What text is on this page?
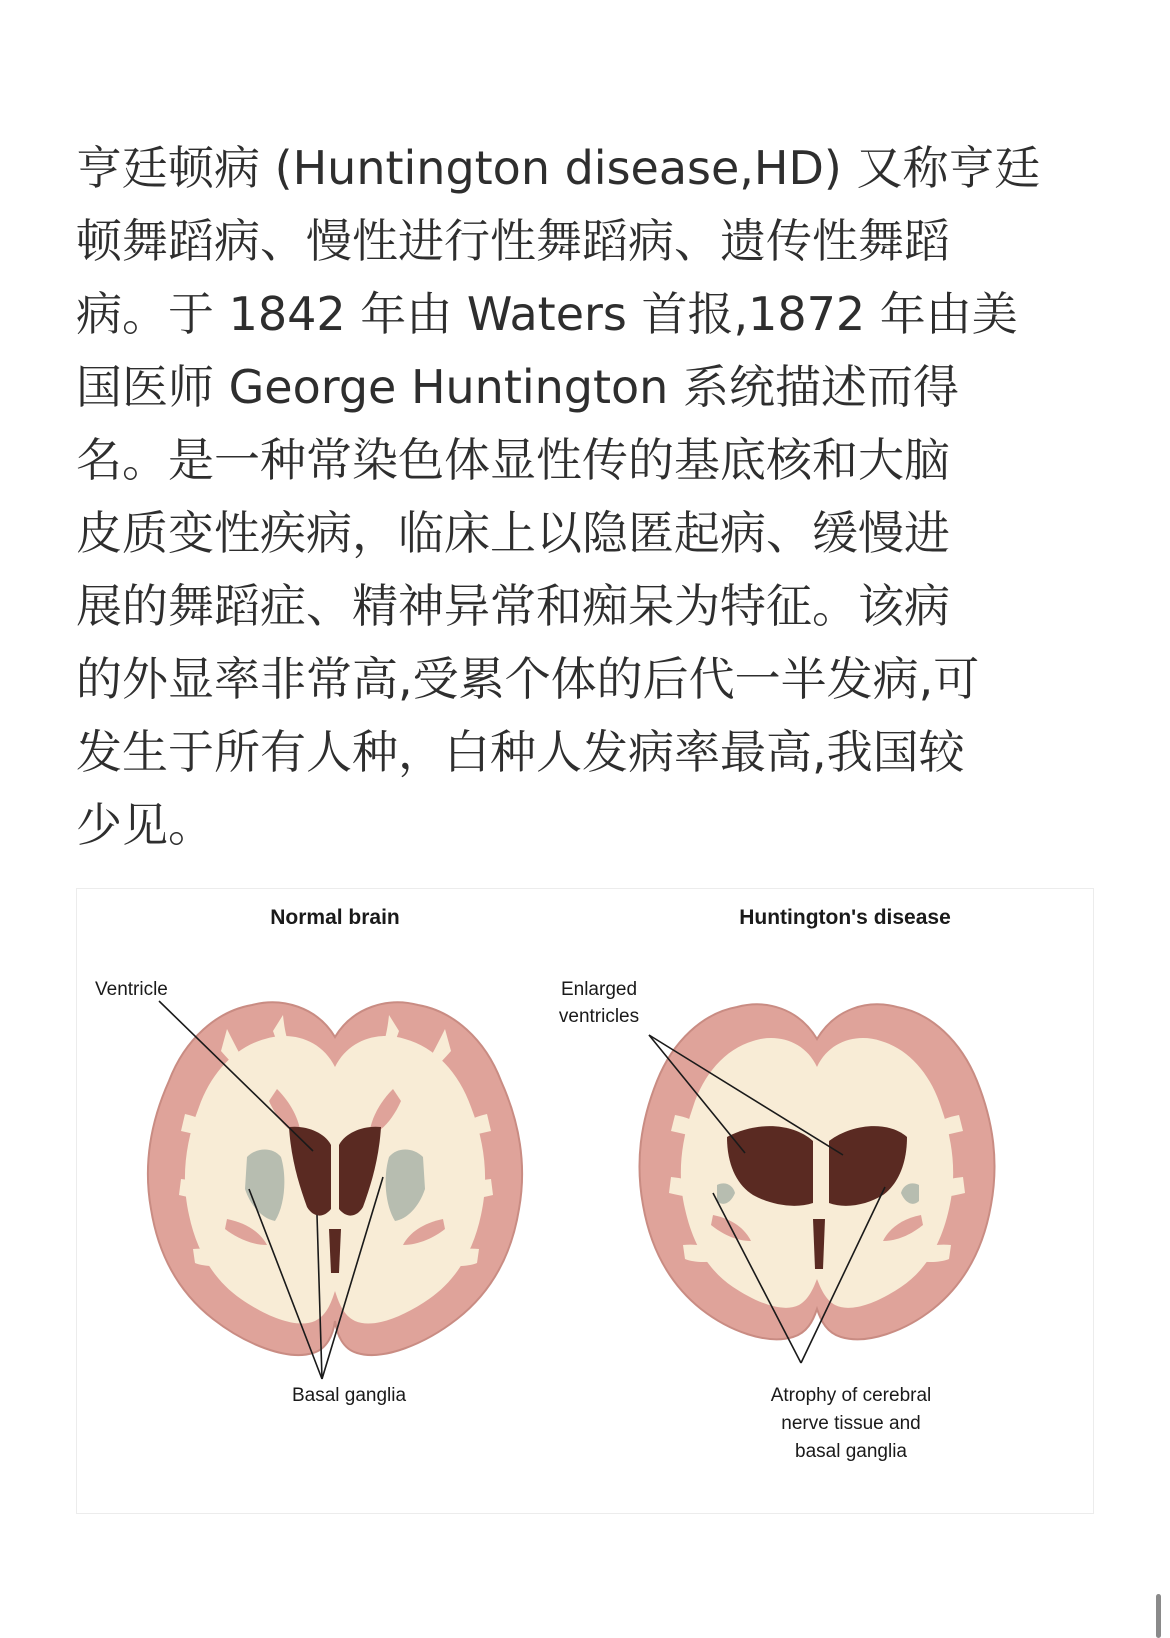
亨廷顿病 (Huntington disease,HD) 又称亨廷
顿舞蹈病、慢性进行性舞蹈病、遗传性舞蹈
病。于 1842 年由 Waters 首报,1872 年由美
国医师 George Huntington 系统描述而得
名。是一种常染色体显性传的基底核和大脑
皮质变性疾病，临床上以隐匿起病、缓慢进
展的舞蹈症、精神异常和痴呆为特征。该病
的外显率非常高,受累个体的后代一半发病,可
发生于所有人种，白种人发病率最高,我国较
少见。
Normal brain	Huntington's disease
Ventricle
Basal ganglia
Enlarged
ventricles
Atrophy of cerebral
nerve tissue and
basal ganglia
